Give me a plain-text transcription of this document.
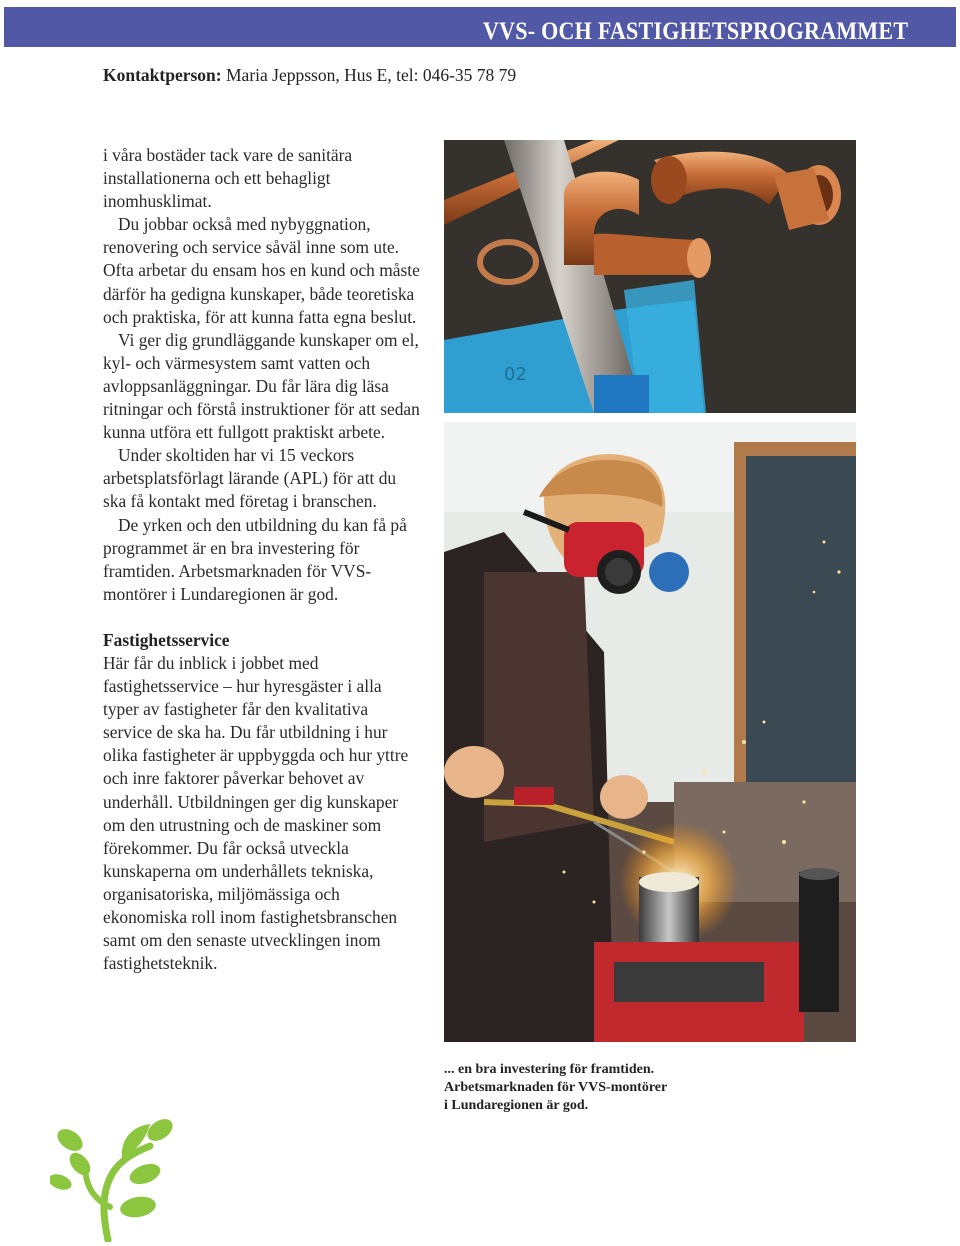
VVS- OCH FASTIGHETSPROGRAMMET
Kontaktperson: Maria Jeppsson, Hus E, tel: 046-35 78 79

i våra bostäder tack vare de sanitära installationerna och ett behagligt inomhusklimat.

Du jobbar också med nybyggnation, renovering och service såväl inne som ute. Ofta arbetar du ensam hos en kund och måste därför ha gedigna kunskaper, både teoretiska och praktiska, för att kunna fatta egna beslut.

Vi ger dig grundläggande kunskaper om el, kyl- och värmesystem samt vatten och avloppsanläggningar. Du får lära dig läsa ritningar och förstå instruktioner för att sedan kunna utföra ett fullgott praktiskt arbete.

Under skoltiden har vi 15 veckors arbetsplatsförlagt lärande (APL) för att du ska få kontakt med företag i branschen.

De yrken och den utbildning du kan få på programmet är en bra investering för framtiden. Arbetsmarknaden för VVS-montörer i Lundaregionen är god.

Fastighetsservice

Här får du inblick i jobbet med fastighetsservice – hur hyresgäster i alla typer av fastigheter får den kvalitativa service de ska ha. Du får utbildning i hur olika fastigheter är uppbyggda och hur yttre och inre faktorer påverkar behovet av underhåll. Utbildningen ger dig kunskaper om den utrustning och de maskiner som förekommer. Du får också utveckla kunskaperna om underhållets tekniska, organisatoriska, miljömässiga och ekonomiska roll inom fastighetsbranschen samt om den senaste utvecklingen inom fastighetsteknik.

02
... en bra investering för framtiden.
Arbetsmarknaden för VVS-montörer
i Lundaregionen är god.
